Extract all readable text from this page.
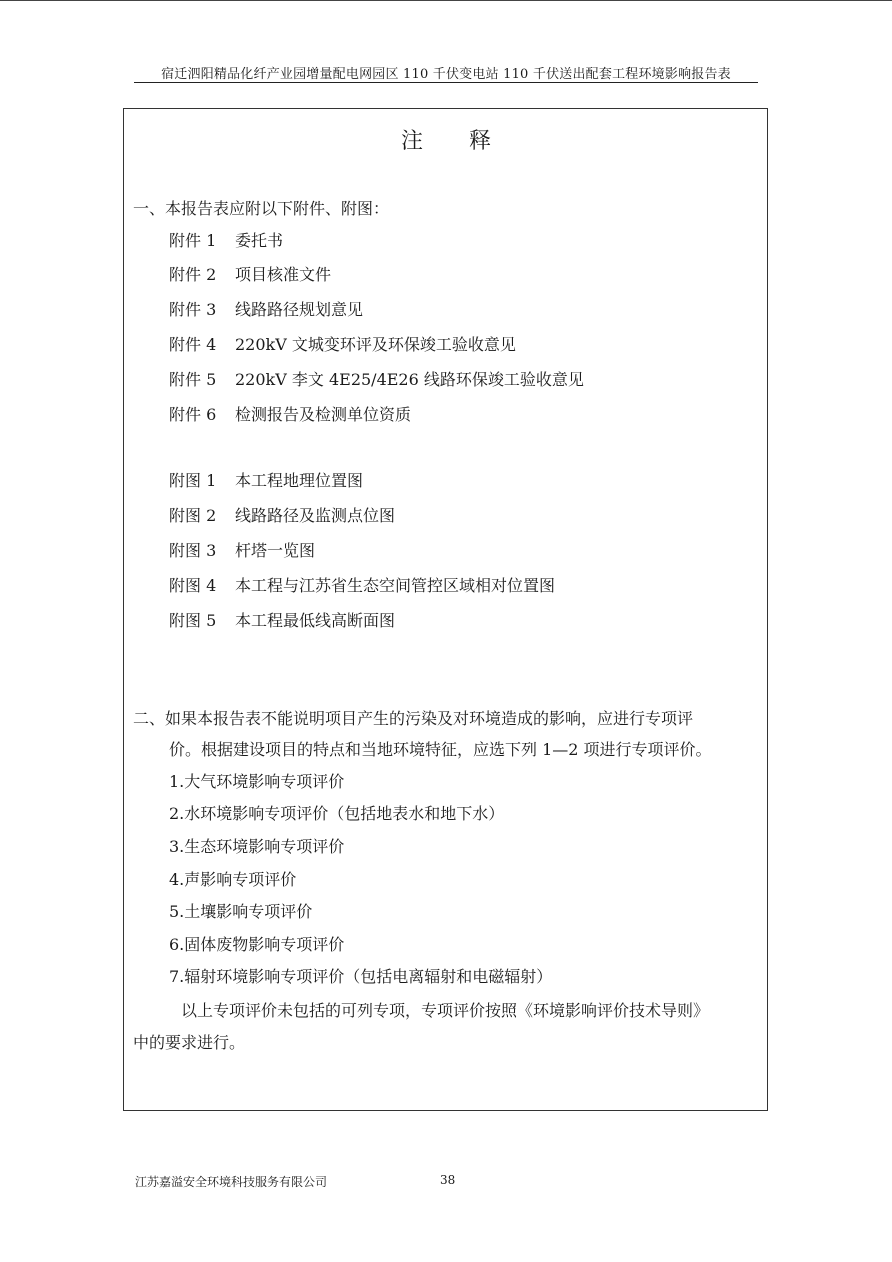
宿迁泗阳精品化纤产业园增量配电网园区 110 千伏变电站 110 千伏送出配套工程环境影响报告表
注释
一、本报告表应附以下附件、附图：
附件 1 委托书
附件 2 项目核准文件
附件 3 线路路径规划意见
附件 4 220kV 文城变环评及环保竣工验收意见
附件 5 220kV 李文 4E25/4E26 线路环保竣工验收意见
附件 6 检测报告及检测单位资质
附图 1 本工程地理位置图
附图 2 线路路径及监测点位图
附图 3 杆塔一览图
附图 4 本工程与江苏省生态空间管控区域相对位置图
附图 5 本工程最低线高断面图
二、如果本报告表不能说明项目产生的污染及对环境造成的影响，应进行专项评
价。根据建设项目的特点和当地环境特征，应选下列 1—2 项进行专项评价。
1.大气环境影响专项评价
2.水环境影响专项评价（包括地表水和地下水）
3.生态环境影响专项评价
4.声影响专项评价
5.土壤影响专项评价
6.固体废物影响专项评价
7.辐射环境影响专项评价（包括电离辐射和电磁辐射）
以上专项评价未包括的可列专项，专项评价按照《环境影响评价技术导则》
中的要求进行。
江苏嘉溢安全环境科技服务有限公司	38
